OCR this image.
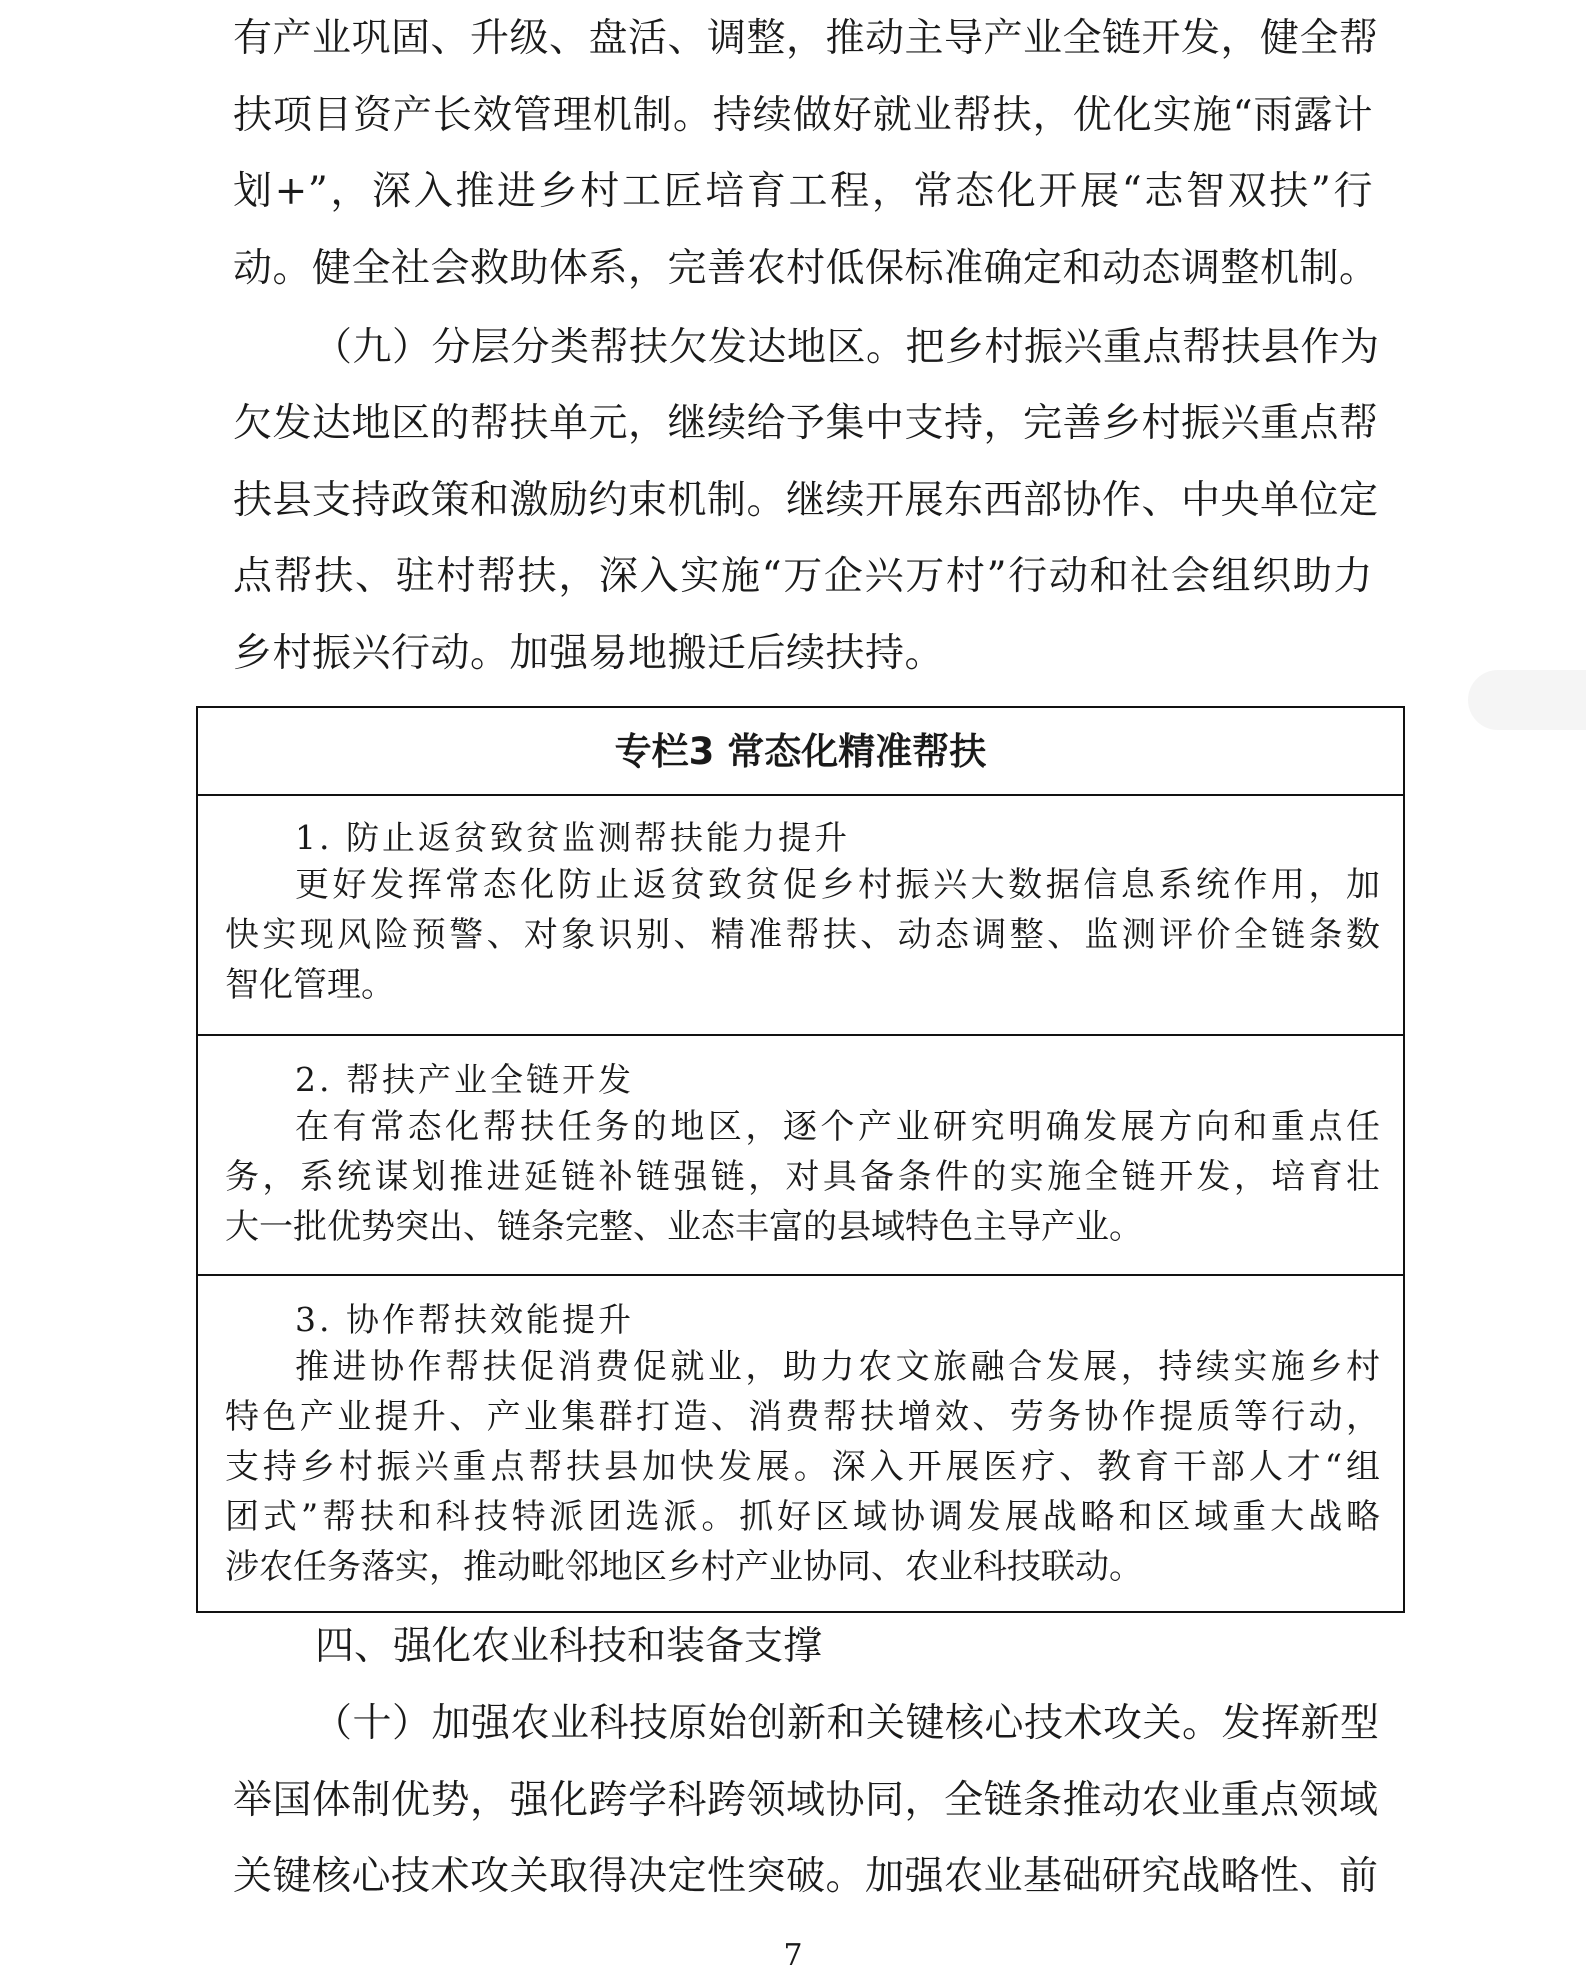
有产业巩固、升级、盘活、调整，推动主导产业全链开发，健全帮
扶项目资产长效管理机制。持续做好就业帮扶，优化实施“雨露计
划+”，深入推进乡村工匠培育工程，常态化开展“志智双扶”行
动。健全社会救助体系，完善农村低保标准确定和动态调整机制。
（九）分层分类帮扶欠发达地区。把乡村振兴重点帮扶县作为
欠发达地区的帮扶单元，继续给予集中支持，完善乡村振兴重点帮
扶县支持政策和激励约束机制。继续开展东西部协作、中央单位定
点帮扶、驻村帮扶，深入实施“万企兴万村”行动和社会组织助力
乡村振兴行动。加强易地搬迁后续扶持。
专栏3 常态化精准帮扶
1. 防止返贫致贫监测帮扶能力提升
更好发挥常态化防止返贫致贫促乡村振兴大数据信息系统作用，加
快实现风险预警、对象识别、精准帮扶、动态调整、监测评价全链条数
智化管理。
2. 帮扶产业全链开发
在有常态化帮扶任务的地区，逐个产业研究明确发展方向和重点任
务，系统谋划推进延链补链强链，对具备条件的实施全链开发，培育壮
大一批优势突出、链条完整、业态丰富的县域特色主导产业。
3. 协作帮扶效能提升
推进协作帮扶促消费促就业，助力农文旅融合发展，持续实施乡村
特色产业提升、产业集群打造、消费帮扶增效、劳务协作提质等行动，
支持乡村振兴重点帮扶县加快发展。深入开展医疗、教育干部人才“组
团式”帮扶和科技特派团选派。抓好区域协调发展战略和区域重大战略
涉农任务落实，推动毗邻地区乡村产业协同、农业科技联动。
四、强化农业科技和装备支撑
（十）加强农业科技原始创新和关键核心技术攻关。发挥新型
举国体制优势，强化跨学科跨领域协同，全链条推动农业重点领域
关键核心技术攻关取得决定性突破。加强农业基础研究战略性、前
7
